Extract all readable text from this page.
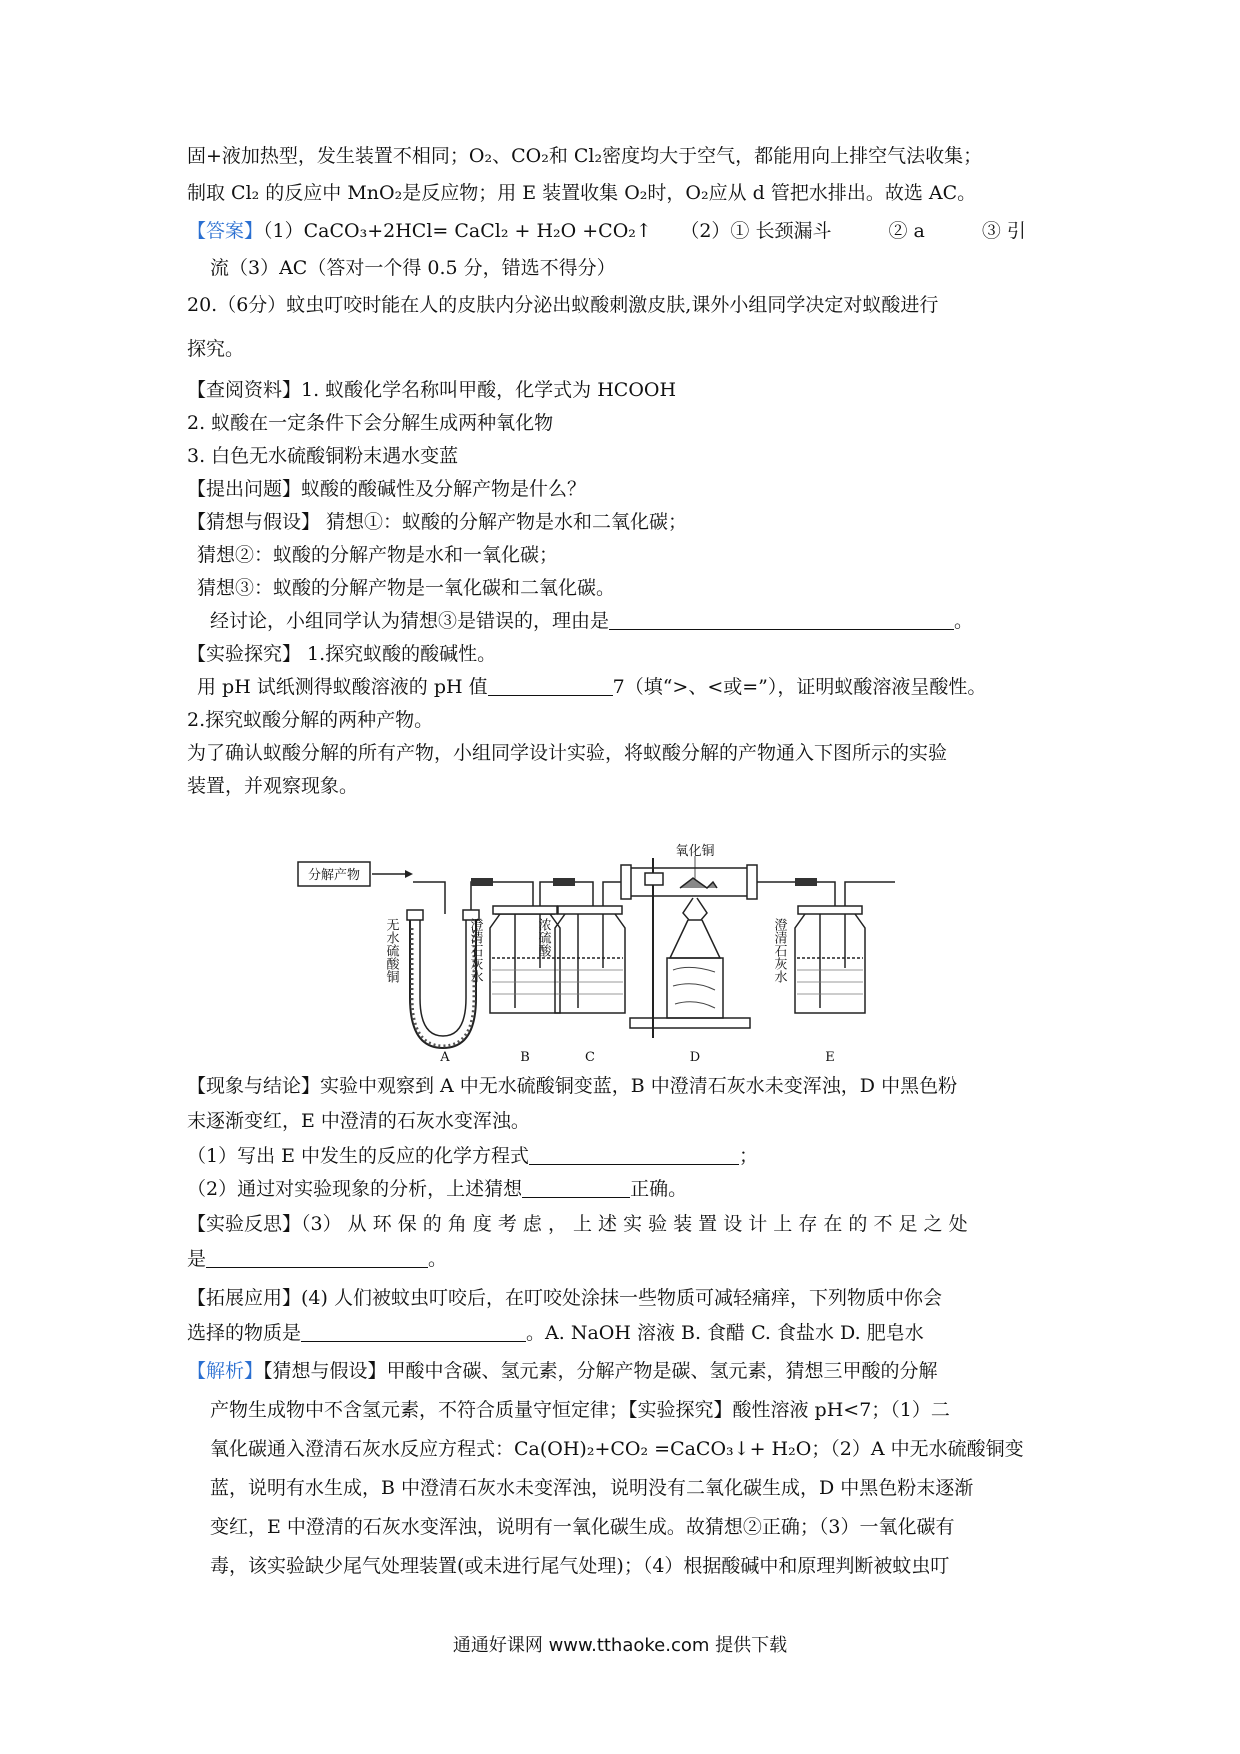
固+液加热型，发生装置不相同；O₂、CO₂和 Cl₂密度均大于空气，都能用向上排空气法收集；
制取 Cl₂ 的反应中 MnO₂是反应物；用 E 装置收集 O₂时，O₂应从 d 管把水排出。故选 AC。
【答案】（1）CaCO₃+2HCl= CaCl₂ + H₂O +CO₂↑　　（2）① 长颈漏斗　　　② a　　　③ 引
流（3）AC（答对一个得 0.5 分，错选不得分）
20.（6分）蚊虫叮咬时能在人的皮肤内分泌出蚁酸刺激皮肤,课外小组同学决定对蚁酸进行
探究。
【查阅资料】1. 蚁酸化学名称叫甲酸，化学式为 HCOOH
2. 蚁酸在一定条件下会分解生成两种氧化物
3. 白色无水硫酸铜粉末遇水变蓝
【提出问题】蚁酸的酸碱性及分解产物是什么？
【猜想与假设】 猜想①：蚁酸的分解产物是水和二氧化碳；
猜想②：蚁酸的分解产物是水和一氧化碳；
猜想③：蚁酸的分解产物是一氧化碳和二氧化碳。
经讨论，小组同学认为猜想③是错误的，理由是	。
【实验探究】 1.探究蚁酸的酸碱性。
用 pH 试纸测得蚁酸溶液的 pH 值	7（填“>、<或=”），证明蚁酸溶液呈酸性。
2.探究蚁酸分解的两种产物。
为了确认蚁酸分解的所有产物，小组同学设计实验，将蚁酸分解的产物通入下图所示的实验
装置，并观察现象。
分解产物
氧化铜
无水硫酸铜	澄清石灰水	浓硫酸	澄清石灰水
A	B	C	D	E
【现象与结论】实验中观察到 A 中无水硫酸铜变蓝，B 中澄清石灰水未变浑浊，D 中黑色粉
末逐渐变红，E 中澄清的石灰水变浑浊。
（1）写出 E 中发生的反应的化学方程式	；
（2）通过对实验现象的分析，上述猜想	正确。
【实验反思】（3） 从 环 保 的 角 度 考 虑 ， 上 述 实 验 装 置 设 计 上 存 在 的 不 足 之 处
是	。
【拓展应用】(4) 人们被蚊虫叮咬后，在叮咬处涂抹一些物质可减轻痛痒，下列物质中你会
选择的物质是	。A. NaOH 溶液 B. 食醋 C. 食盐水 D. 肥皂水
【解析】【猜想与假设】甲酸中含碳、氢元素，分解产物是碳、氢元素，猜想三甲酸的分解
产物生成物中不含氢元素，不符合质量守恒定律；【实验探究】酸性溶液 pH<7；（1）二
氧化碳通入澄清石灰水反应方程式：Ca(OH)₂+CO₂ =CaCO₃↓+ H₂O；（2）A 中无水硫酸铜变
蓝，说明有水生成，B 中澄清石灰水未变浑浊，说明没有二氧化碳生成，D 中黑色粉末逐渐
变红，E 中澄清的石灰水变浑浊，说明有一氧化碳生成。故猜想②正确；（3）一氧化碳有
毒，该实验缺少尾气处理装置(或未进行尾气处理)；（4）根据酸碱中和原理判断被蚊虫叮
通通好课网 www.tthaoke.com 提供下载
